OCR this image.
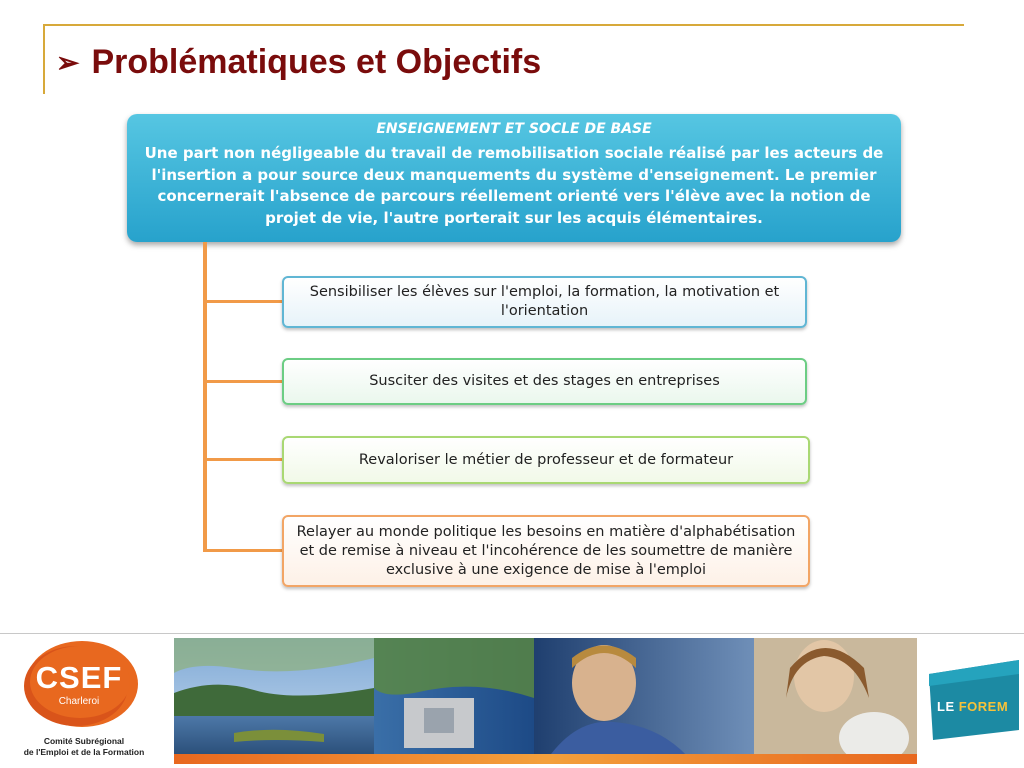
➢ Problématiques et Objectifs
ENSEIGNEMENT ET SOCLE DE BASE
Une part non négligeable du travail de remobilisation sociale réalisé par les acteurs de l'insertion a pour source deux manquements du système d'enseignement. Le premier concernerait l'absence de parcours réellement orienté vers l'élève avec la notion de projet de vie, l'autre porterait sur les acquis élémentaires.
Sensibiliser les élèves sur l'emploi, la formation, la motivation et l'orientation
Susciter des visites et des stages en entreprises
Revaloriser le métier de professeur et de formateur
Relayer au monde politique les besoins en matière d'alphabétisation et de remise à niveau et l'incohérence de les soumettre de manière exclusive à une exigence de mise à l'emploi
CSEF
Charleroi
Comité Subrégional
de l'Emploi et de la Formation
LE FOREM
